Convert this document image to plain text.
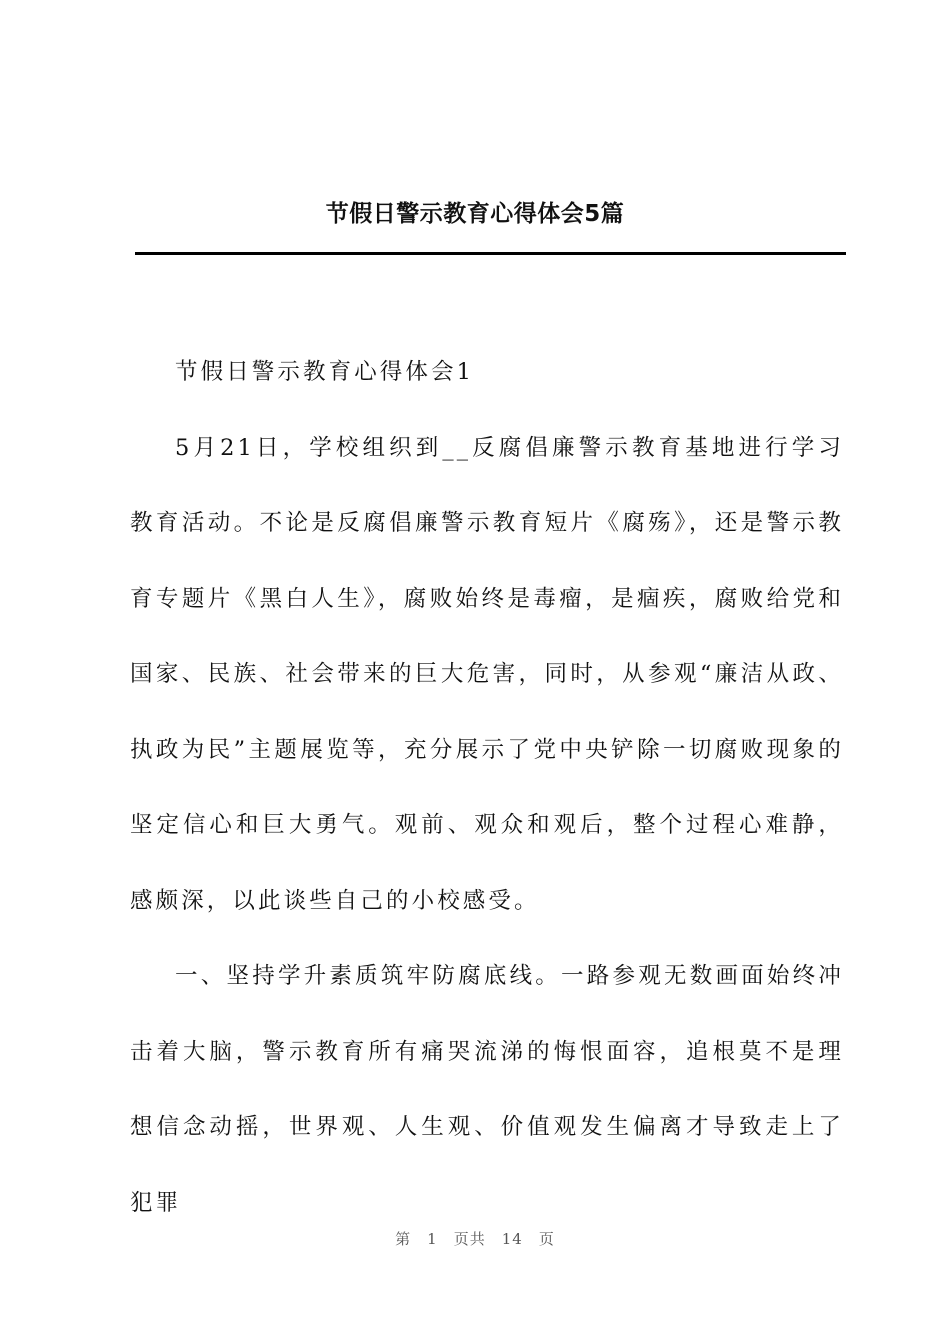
节假日警示教育心得体会5篇

节假日警示教育心得体会1

5月21日，学校组织到__反腐倡廉警示教育基地进行学习教育活动。不论是反腐倡廉警示教育短片《腐殇》，还是警示教育专题片《黑白人生》，腐败始终是毒瘤，是痼疾，腐败给党和国家、民族、社会带来的巨大危害，同时，从参观“廉洁从政、执政为民”主题展览等，充分展示了党中央铲除一切腐败现象的坚定信心和巨大勇气。观前、观众和观后，整个过程心难静，感颇深，以此谈些自己的小校感受。

一、坚持学升素质筑牢防腐底线。一路参观无数画面始终冲击着大脑，警示教育所有痛哭流涕的悔恨面容，追根莫不是理想信念动摇，世界观、人生观、价值观发生偏离才导致走上了犯罪

第 1 页共 14 页
